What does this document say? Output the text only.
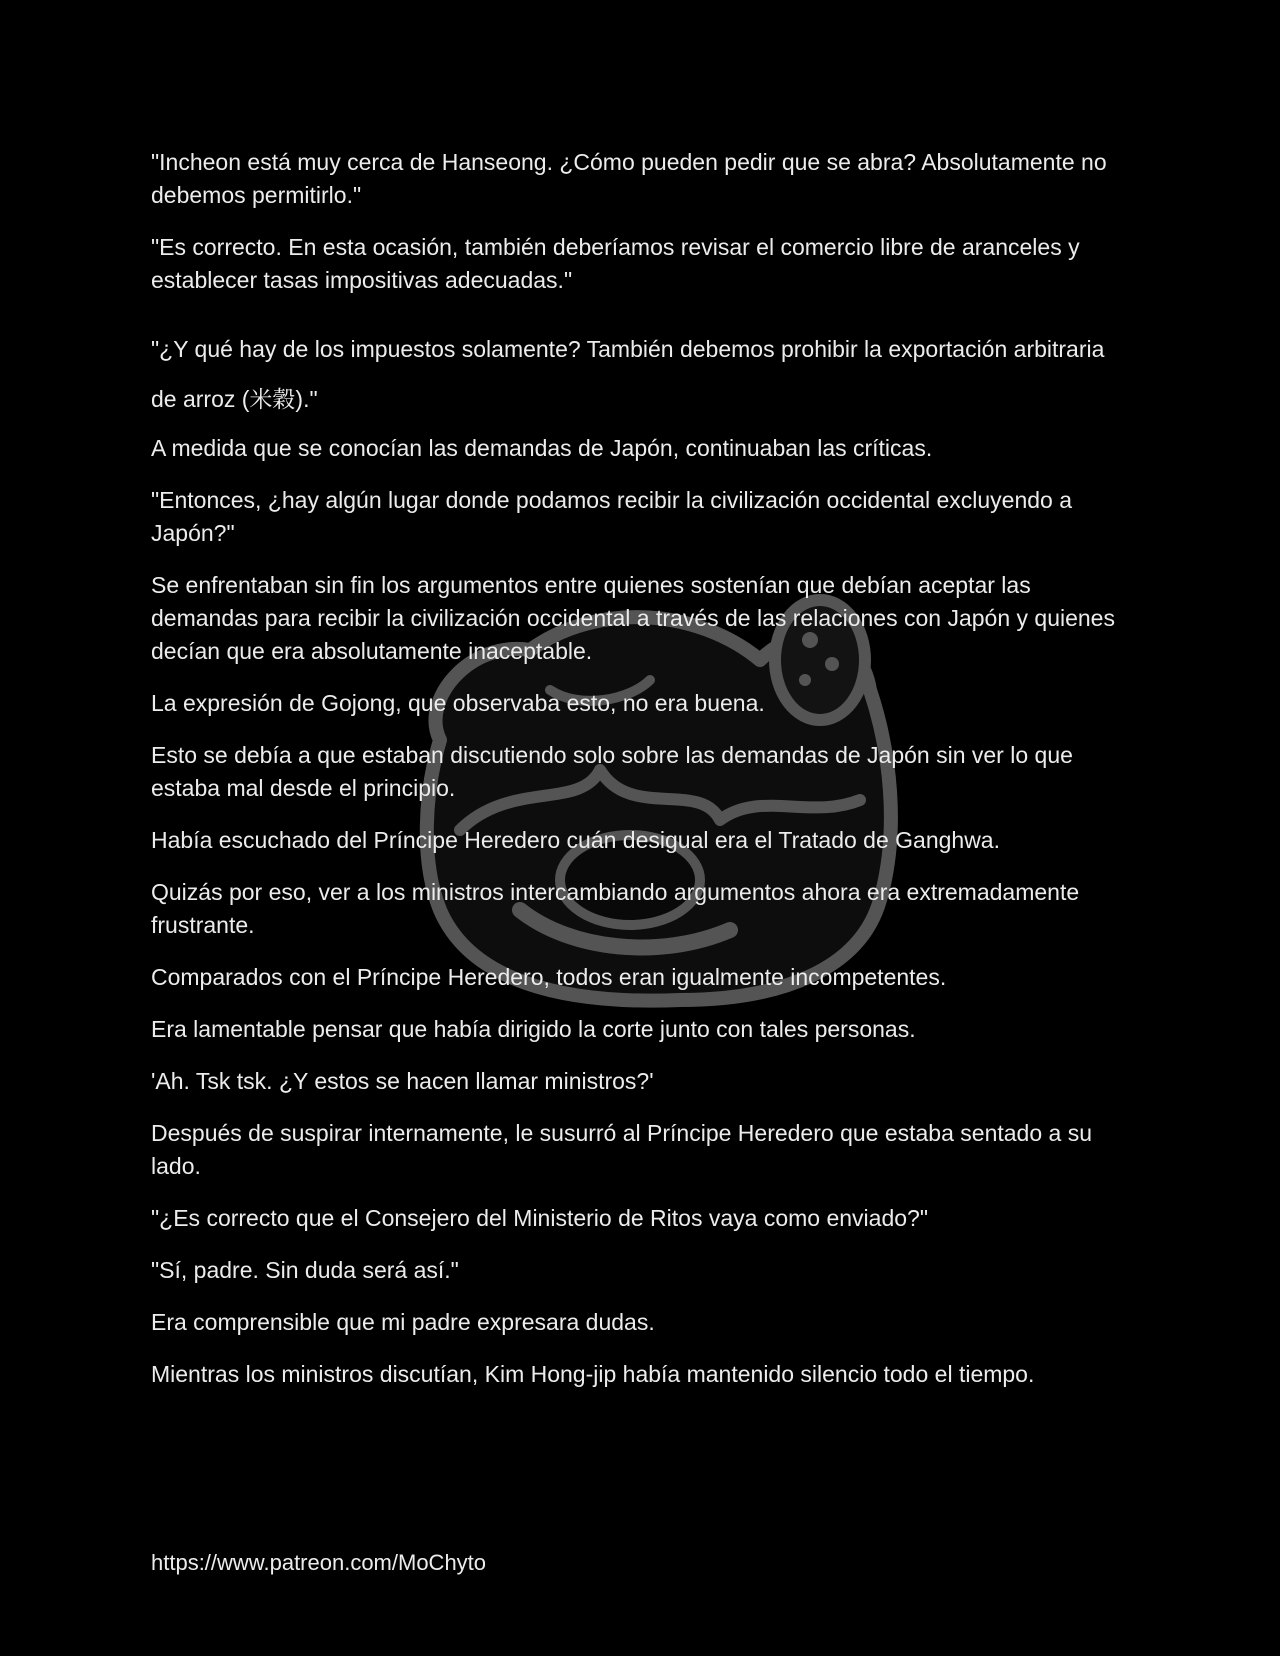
"Incheon está muy cerca de Hanseong. ¿Cómo pueden pedir que se abra? Absolutamente no debemos permitirlo."

"Es correcto. En esta ocasión, también deberíamos revisar el comercio libre de aranceles y establecer tasas impositivas adecuadas."

"¿Y qué hay de los impuestos solamente? También debemos prohibir la exportación arbitraria de arroz (米穀)."

A medida que se conocían las demandas de Japón, continuaban las críticas.

"Entonces, ¿hay algún lugar donde podamos recibir la civilización occidental excluyendo a Japón?"

Se enfrentaban sin fin los argumentos entre quienes sostenían que debían aceptar las demandas para recibir la civilización occidental a través de las relaciones con Japón y quienes decían que era absolutamente inaceptable.

La expresión de Gojong, que observaba esto, no era buena.

Esto se debía a que estaban discutiendo solo sobre las demandas de Japón sin ver lo que estaba mal desde el principio.

Había escuchado del Príncipe Heredero cuán desigual era el Tratado de Ganghwa.

Quizás por eso, ver a los ministros intercambiando argumentos ahora era extremadamente frustrante.

Comparados con el Príncipe Heredero, todos eran igualmente incompetentes.

Era lamentable pensar que había dirigido la corte junto con tales personas.

'Ah. Tsk tsk. ¿Y estos se hacen llamar ministros?'

Después de suspirar internamente, le susurró al Príncipe Heredero que estaba sentado a su lado.

"¿Es correcto que el Consejero del Ministerio de Ritos vaya como enviado?"

"Sí, padre. Sin duda será así."

Era comprensible que mi padre expresara dudas.

Mientras los ministros discutían, Kim Hong-jip había mantenido silencio todo el tiempo.

https://www.patreon.com/MoChyto
